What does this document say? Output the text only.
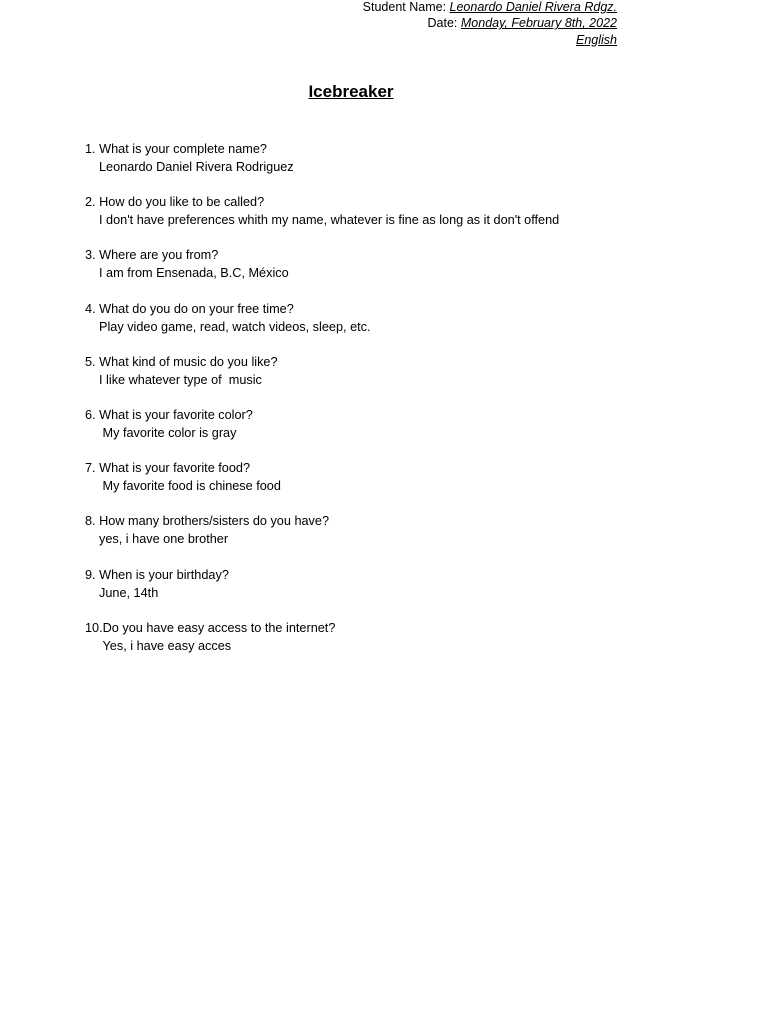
Student Name: Leonardo Daniel Rivera Rdgz.
Date: Monday, February 8th, 2022
English
Icebreaker
1. What is your complete name?
Leonardo Daniel Rivera Rodriguez
2. How do you like to be called?
I don't have preferences whith my name, whatever is fine as long as it don't offend
3. Where are you from?
I am from Ensenada, B.C, México
4. What do you do on your free time?
Play video game, read, watch videos, sleep, etc.
5. What kind of music do you like?
I like whatever type of  music
6. What is your favorite color?
My favorite color is gray
7. What is your favorite food?
My favorite food is chinese food
8. How many brothers/sisters do you have?
yes, i have one brother
9. When is your birthday?
June, 14th
10.Do you have easy access to the internet?
Yes, i have easy acces
